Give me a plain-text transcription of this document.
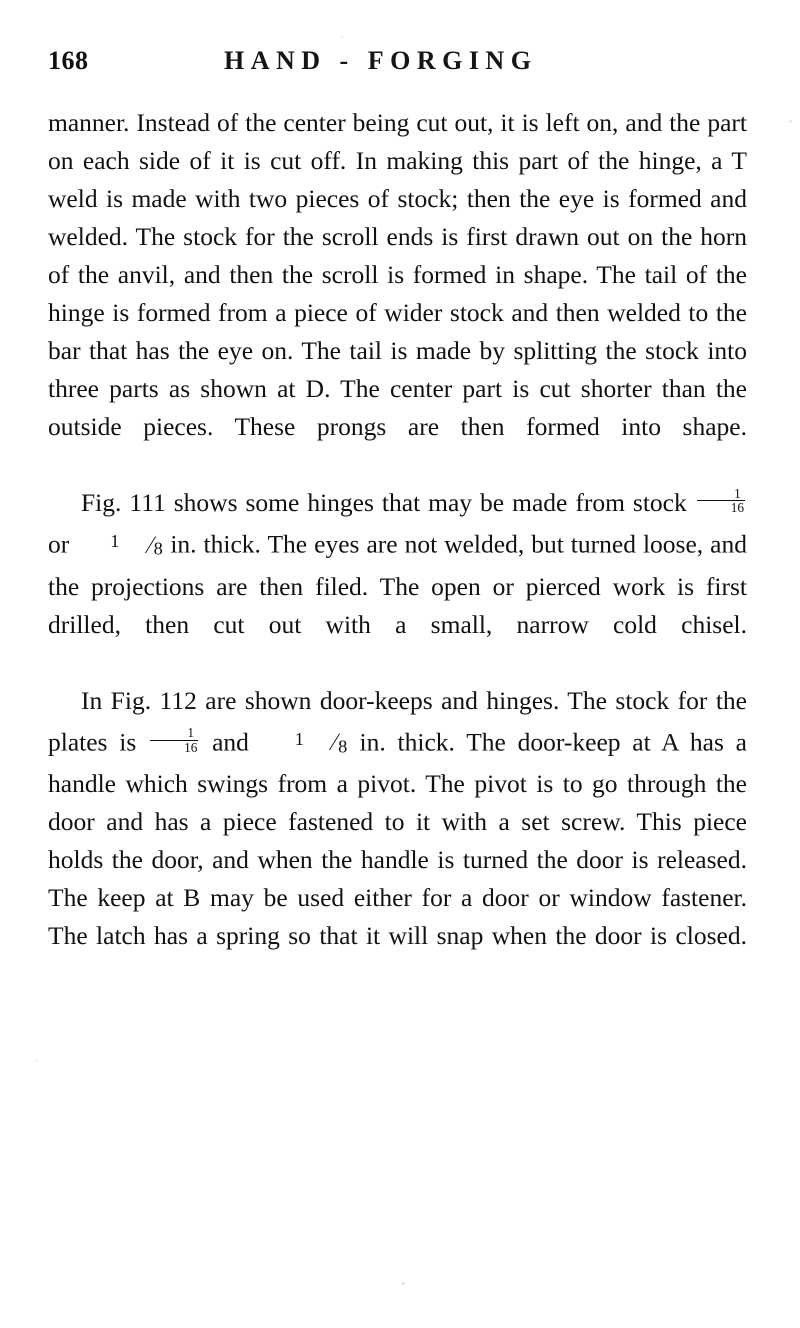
168	HAND - FORGING

manner. Instead of the center being cut out, it is left on, and the part on each side of it is cut off. In making this part of the hinge, a T weld is made with two pieces of stock; then the eye is formed and welded. The stock for the scroll ends is first drawn out on the horn of the anvil, and then the scroll is formed in shape. The tail of the hinge is formed from a piece of wider stock and then welded to the bar that has the eye on. The tail is made by splitting the stock into three parts as shown at D. The center part is cut shorter than the outside pieces. These prongs are then formed into shape.

Fig. 111 shows some hinges that may be made from stock $\frac{1}{16}$
or $^1$ ⁄8 in. thick. The eyes are not welded, but turned loose, and the projections are then filed. The open or pierced work is first drilled, then cut out with a small, narrow cold chisel.

In Fig. 112 are shown door-keeps and hinges. The stock for the plates is $\frac{1}{16}$ and $^1$ ⁄8 in. thick. The door-keep at A has a handle which swings from a pivot. The pivot is to go through the door and has a piece fastened to it with a set screw. This piece holds the door, and when the handle is turned the door is released. The keep at B may be used either for a door or window fastener. The latch has a spring so that it will snap when the door is closed.
